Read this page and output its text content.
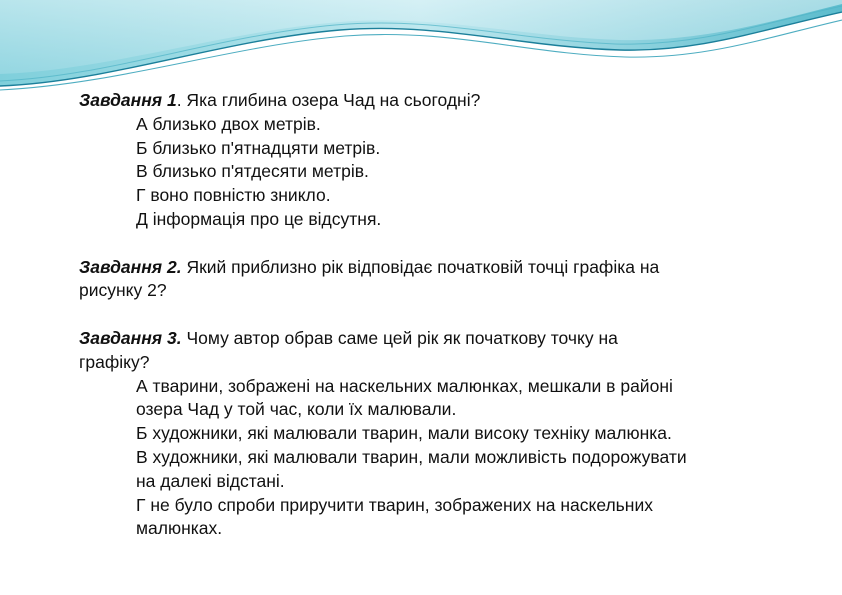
Завдання 1. Яка глибина озера Чад на сьогодні?
А близько двох метрів.
Б близько п'ятнадцяти метрів.
В близько п'ятдесяти метрів.
Г воно повністю зникло.
Д інформація про це відсутня.
Завдання 2. Який приблизно рік відповідає початковій точці графіка на
рисунку 2?
Завдання 3. Чому автор обрав саме цей рік як початкову точку на
графіку?
А тварини, зображені на наскельних малюнках, мешкали в районі
озера Чад у той час, коли їх малювали.
Б художники, які малювали тварин, мали високу техніку малюнка.
В художники, які малювали тварин, мали можливість подорожувати
на далекі відстані.
Г не було спроби приручити тварин, зображених на наскельних
малюнках.
